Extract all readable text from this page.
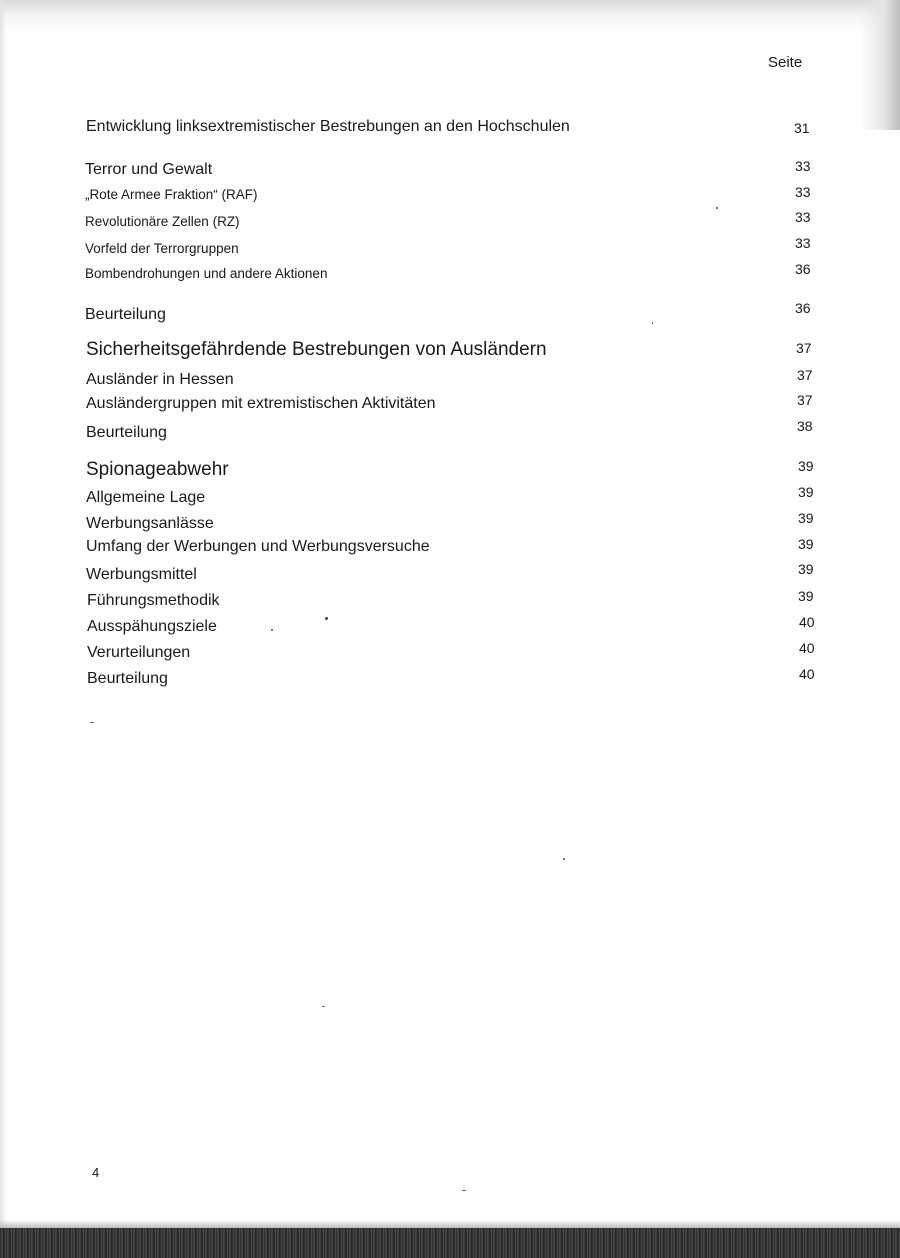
Seite
Entwicklung linksextremistischer Bestrebungen an den Hochschulen	31
Terror und Gewalt	33
„Rote Armee Fraktion“ (RAF)	33
Revolutionäre Zellen (RZ)	33
Vorfeld der Terrorgruppen	33
Bombendrohungen und andere Aktionen	36
Beurteilung	36
Sicherheitsgefährdende Bestrebungen von Ausländern	37
Ausländer in Hessen	37
Ausländergruppen mit extremistischen Aktivitäten	37
Beurteilung	38
Spionageabwehr	39
Allgemeine Lage	39
Werbungsanlässe	39
Umfang der Werbungen und Werbungsversuche	39
Werbungsmittel	39
Führungsmethodik	39
Ausspähungsziele	40
Verurteilungen	40
Beurteilung	40
4
